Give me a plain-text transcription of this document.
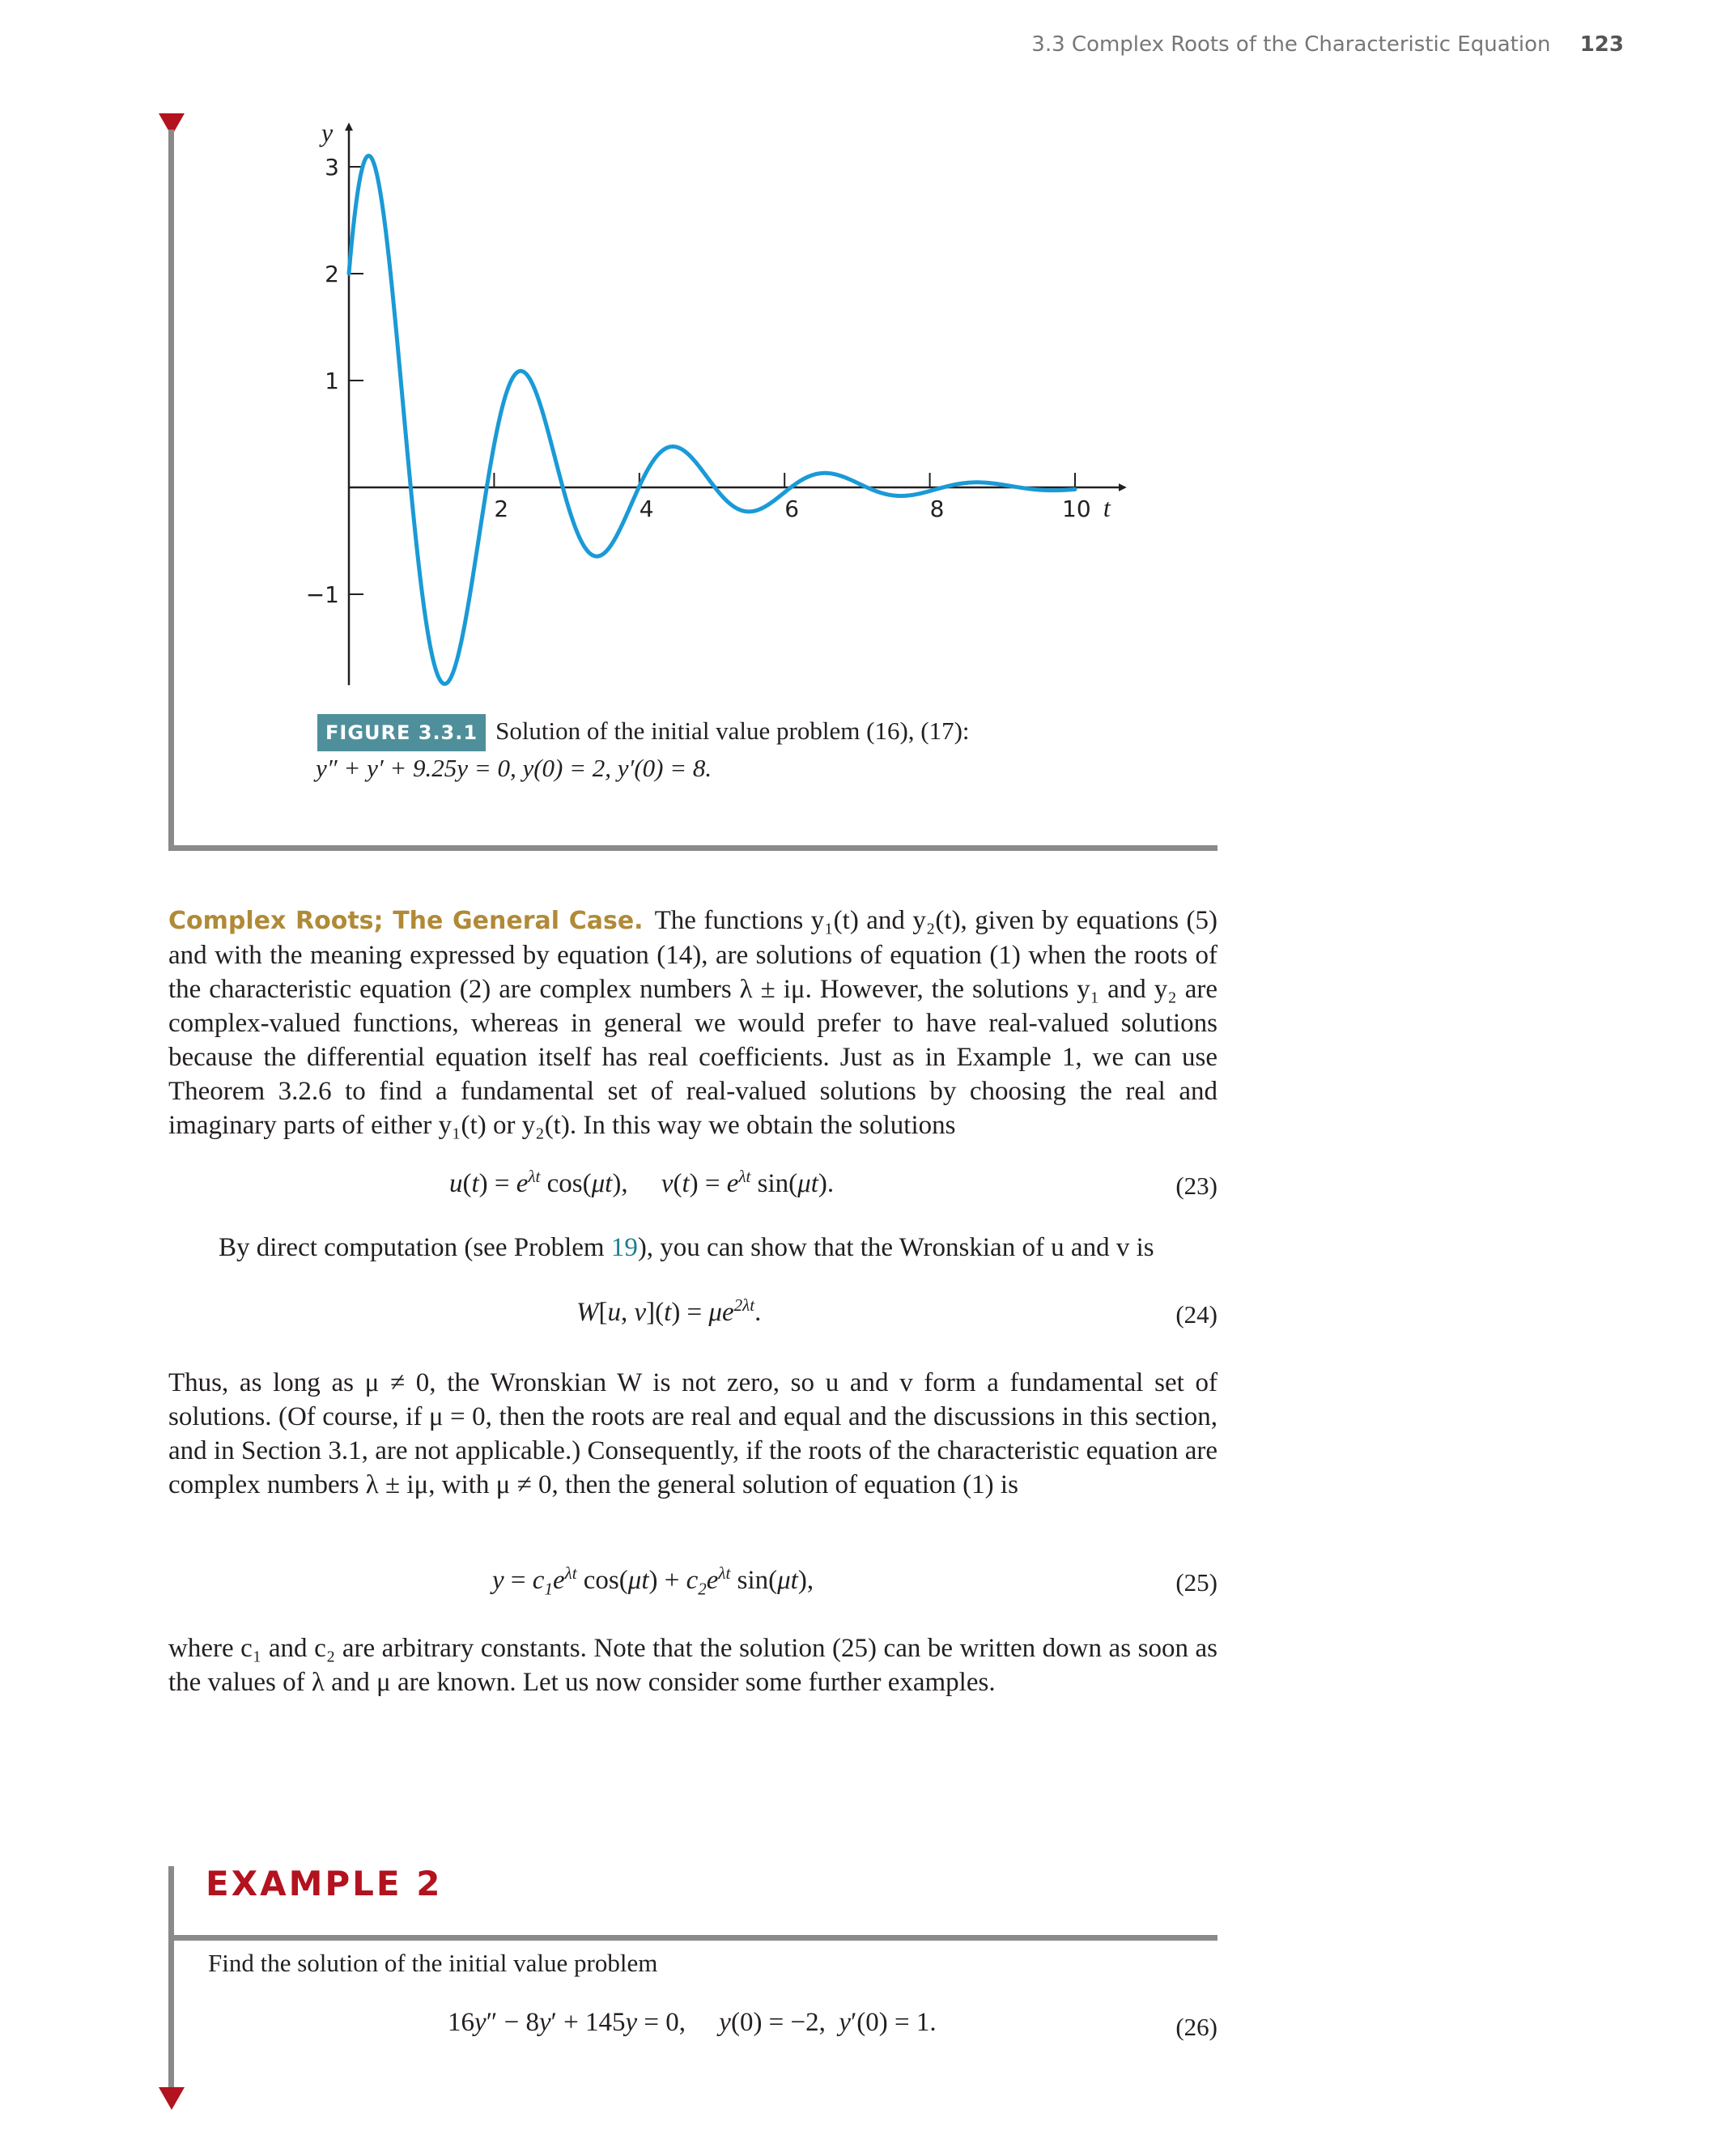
3.3 Complex Roots of the Characteristic Equation 123
2	4	6	8	10
−1
1
2
3
t
y
FIGURE 3.3.1 Solution of the initial value problem (16), (17):
y″ + y′ + 9.25y = 0, y(0) = 2, y′(0) = 8.
Complex Roots; The General Case. The functions y₁(t) and y₂(t), given by equations (5) and with the meaning expressed by equation (14), are solutions of equation (1) when the roots of the characteristic equation (2) are complex numbers λ ± iμ. However, the solutions y₁ and y₂ are complex-valued functions, whereas in general we would prefer to have real-valued solutions because the differential equation itself has real coefficients. Just as in Example 1, we can use Theorem 3.2.6 to find a fundamental set of real-valued solutions by choosing the real and imaginary parts of either y₁(t) or y₂(t). In this way we obtain the solutions
$u(t) = e^{\lambda t}$ cos(μt),     $v(t) = e^{\lambda t}$ sin(μt).	(23)
By direct computation (see Problem 19), you can show that the Wronskian of u and v is
W[u, $v](t) = \mu e^{2\lambda t}$.	(24)
Thus, as long as μ ≠ 0, the Wronskian W is not zero, so u and v form a fundamental set of solutions. (Of course, if μ = 0, then the roots are real and equal and the discussions in this section, and in Section 3.1, are not applicable.) Consequently, if the roots of the characteristic equation are complex numbers λ ± iμ, with μ ≠ 0, then the general solution of equation (1) is
$y = c_1e^{\lambda t}$ $\cos(\mu t) + c_2e^{\lambda t}$ sin(μt),	(25)
where c₁ and c₂ are arbitrary constants. Note that the solution (25) can be written down as soon as the values of λ and μ are known. Let us now consider some further examples.
EXAMPLE 2
Find the solution of the initial value problem
16y″ − 8y′ + 145y = 0,     y(0) = −2,  y′(0) = 1.	(26)
